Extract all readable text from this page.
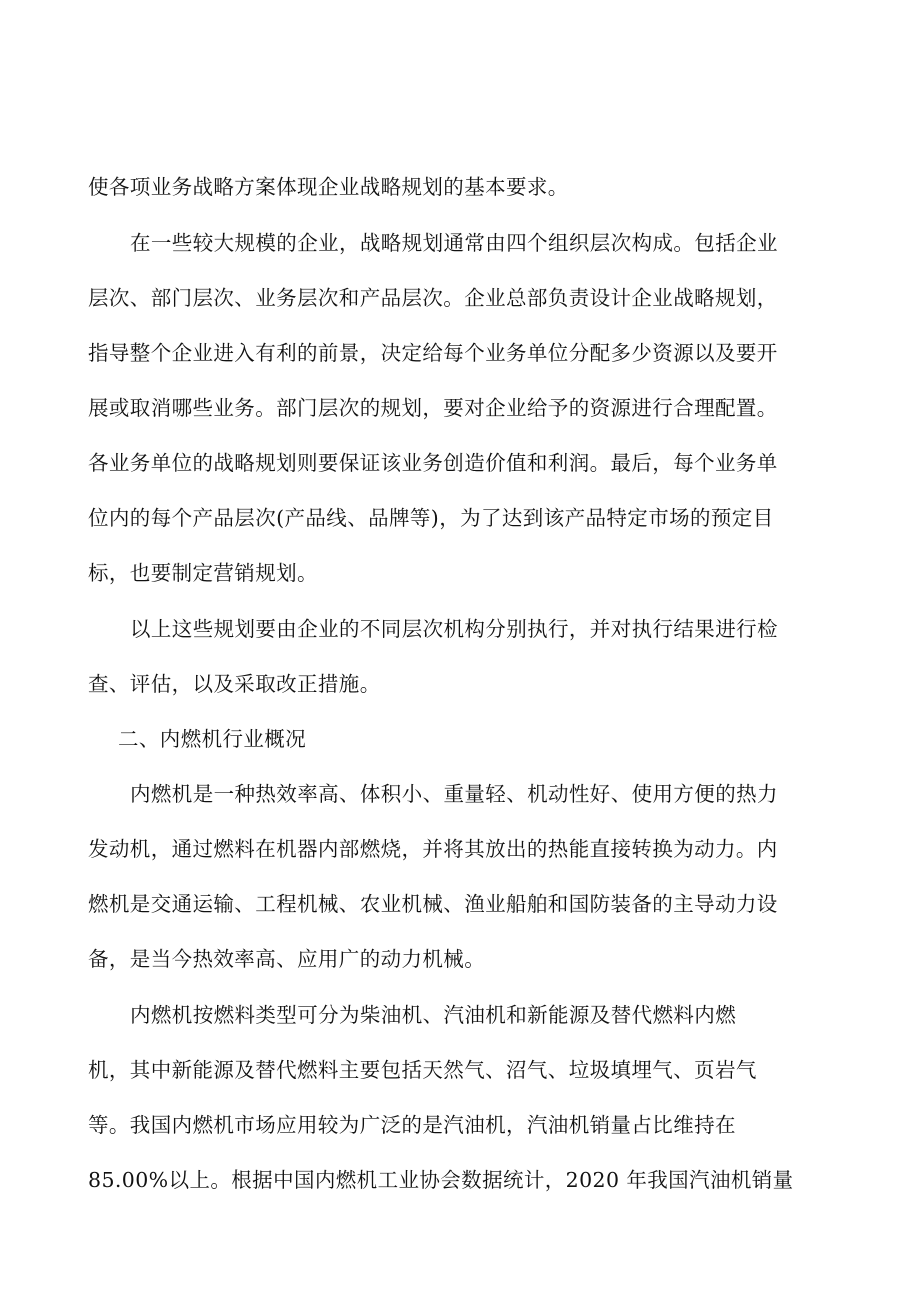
使各项业务战略方案体现企业战略规划的基本要求。
在一些较大规模的企业，战略规划通常由四个组织层次构成。包括企业
层次、部门层次、业务层次和产品层次。企业总部负责设计企业战略规划，
指导整个企业进入有利的前景，决定给每个业务单位分配多少资源以及要开
展或取消哪些业务。部门层次的规划，要对企业给予的资源进行合理配置。
各业务单位的战略规划则要保证该业务创造价值和利润。最后，每个业务单
位内的每个产品层次(产品线、品牌等)，为了达到该产品特定市场的预定目
标，也要制定营销规划。
以上这些规划要由企业的不同层次机构分别执行，并对执行结果进行检
查、评估，以及采取改正措施。
二、内燃机行业概况
内燃机是一种热效率高、体积小、重量轻、机动性好、使用方便的热力
发动机，通过燃料在机器内部燃烧，并将其放出的热能直接转换为动力。内
燃机是交通运输、工程机械、农业机械、渔业船舶和国防装备的主导动力设
备，是当今热效率高、应用广的动力机械。
内燃机按燃料类型可分为柴油机、汽油机和新能源及替代燃料内燃
机，其中新能源及替代燃料主要包括天然气、沼气、垃圾填埋气、页岩气
等。我国内燃机市场应用较为广泛的是汽油机，汽油机销量占比维持在
85.00%以上。根据中国内燃机工业协会数据统计，2020 年我国汽油机销量
